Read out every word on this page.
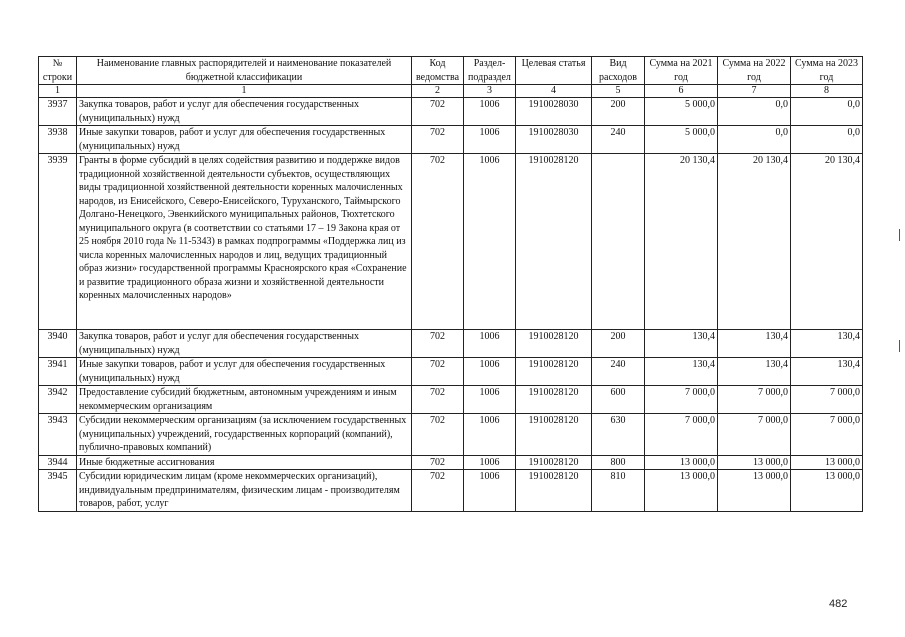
№ строки	Наименование главных распорядителей и наименование показателей бюджетной классификации	Код ведомства	Раздел-подраздел	Целевая статья	Вид расходов	Сумма на 2021 год	Сумма на 2022 год	Сумма на 2023 год
1	1	2	3	4	5	6	7	8
3937	Закупка товаров, работ и услуг для обеспечения государственных (муниципальных) нужд	702	1006	1910028030	200	5 000,0	0,0	0,0
3938	Иные закупки товаров, работ и услуг для обеспечения государственных (муниципальных) нужд	702	1006	1910028030	240	5 000,0	0,0	0,0
3939	Гранты в форме субсидий в целях содействия развитию и поддержке видов традиционной хозяйственной деятельности субъектов, осуществляющих виды традиционной хозяйственной деятельности коренных малочисленных народов, из Енисейского, Северо-Енисейского, Туруханского, Таймырского Долгано-Ненецкого, Эвенкийского муниципальных районов, Тюхтетского муниципального округа (в соответствии со статьями 17 – 19 Закона края от 25 ноября 2010 года № 11-5343) в рамках подпрограммы «Поддержка лиц из числа коренных малочисленных народов и лиц, ведущих традиционный образ жизни» государственной программы Красноярского края «Сохранение и развитие традиционного образа жизни и хозяйственной деятельности коренных малочисленных народов»	702	1006	1910028120		20 130,4	20 130,4	20 130,4
3940	Закупка товаров, работ и услуг для обеспечения государственных (муниципальных) нужд	702	1006	1910028120	200	130,4	130,4	130,4
3941	Иные закупки товаров, работ и услуг для обеспечения государственных (муниципальных) нужд	702	1006	1910028120	240	130,4	130,4	130,4
3942	Предоставление субсидий бюджетным, автономным учреждениям и иным некоммерческим организациям	702	1006	1910028120	600	7 000,0	7 000,0	7 000,0
3943	Субсидии некоммерческим организациям (за исключением государственных (муниципальных) учреждений, государственных корпораций (компаний), публично-правовых компаний)	702	1006	1910028120	630	7 000,0	7 000,0	7 000,0
3944	Иные бюджетные ассигнования	702	1006	1910028120	800	13 000,0	13 000,0	13 000,0
3945	Субсидии юридическим лицам (кроме некоммерческих организаций), индивидуальным предпринимателям, физическим лицам - производителям товаров, работ, услуг	702	1006	1910028120	810	13 000,0	13 000,0	13 000,0
482
